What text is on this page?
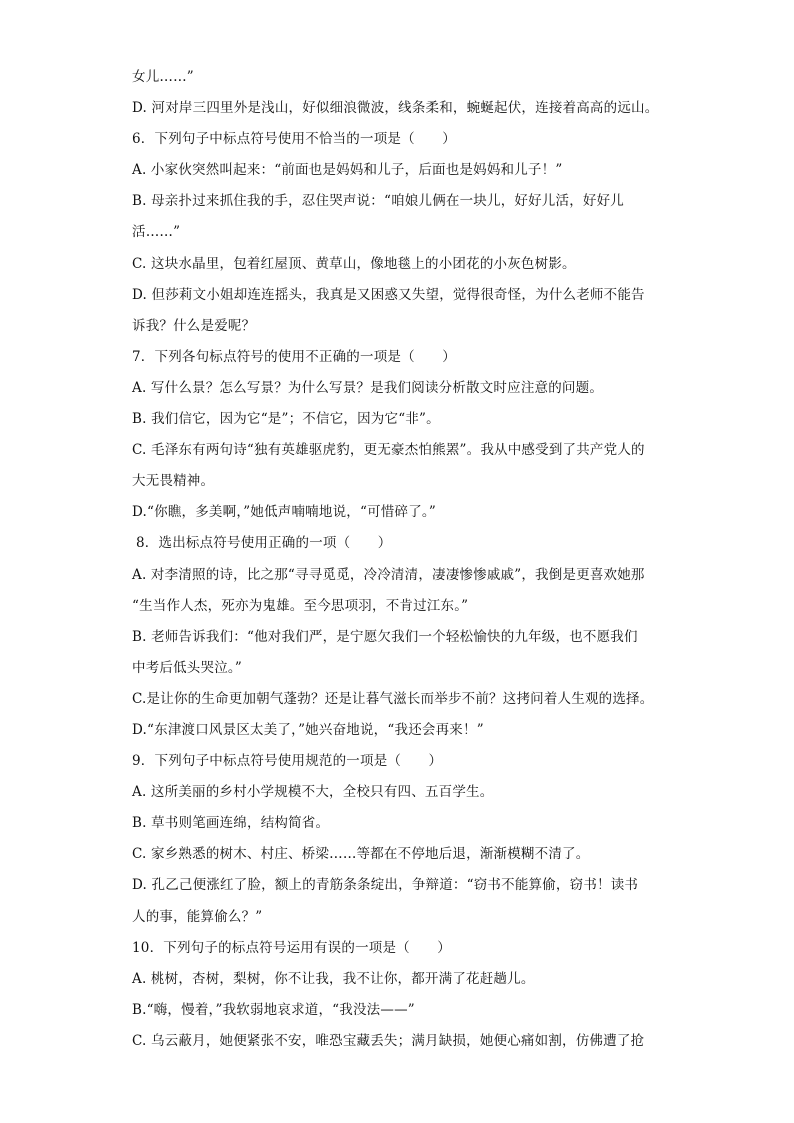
女儿……”
D. 河对岸三四里外是浅山，好似细浪微波，线条柔和，蜿蜒起伏，连接着高高的远山。
6．下列句子中标点符号使用不恰当的一项是（　　）
A. 小家伙突然叫起来：“前面也是妈妈和儿子，后面也是妈妈和儿子！”
B. 母亲扑过来抓住我的手，忍住哭声说：“咱娘儿俩在一块儿，好好儿活，好好儿
活……”
C. 这块水晶里，包着红屋顶、黄草山，像地毯上的小团花的小灰色树影。
D. 但莎莉文小姐却连连摇头，我真是又困惑又失望，觉得很奇怪，为什么老师不能告
诉我？什么是爱呢？
7．下列各句标点符号的使用不正确的一项是（　　）
A. 写什么景？怎么写景？为什么写景？是我们阅读分析散文时应注意的问题。
B. 我们信它，因为它“是”；不信它，因为它“非”。
C. 毛泽东有两句诗“独有英雄驱虎豹，更无豪杰怕熊罴”。我从中感受到了共产党人的
大无畏精神。
D.“你瞧，多美啊，”她低声喃喃地说，“可惜碎了。”
8．选出标点符号使用正确的一项（　　）
A. 对李清照的诗，比之那“寻寻觅觅，冷冷清清，凄凄惨惨戚戚”，我倒是更喜欢她那
“生当作人杰，死亦为鬼雄。至今思项羽，不肯过江东。”
B. 老师告诉我们：“他对我们严，是宁愿欠我们一个轻松愉快的九年级，也不愿我们
中考后低头哭泣。”
C.是让你的生命更加朝气蓬勃？还是让暮气滋长而举步不前？这拷问着人生观的选择。
D.“东津渡口风景区太美了，”她兴奋地说，“我还会再来！”
9．下列句子中标点符号使用规范的一项是（　　）
A. 这所美丽的乡村小学规模不大，全校只有四、五百学生。
B. 草书则笔画连绵，结构简省。
C. 家乡熟悉的树木、村庄、桥梁……等都在不停地后退，渐渐模糊不清了。
D. 孔乙己便涨红了脸，额上的青筋条条绽出，争辩道：“窃书不能算偷，窃书！读书
人的事，能算偷么？”
10．下列句子的标点符号运用有误的一项是（　　）
A. 桃树，杏树，梨树，你不让我，我不让你，都开满了花赶趟儿。
B.“嗨，慢着，”我软弱地哀求道，“我没法——”
C. 乌云蔽月，她便紧张不安，唯恐宝藏丢失；满月缺损，她便心痛如割，仿佛遭了抢
